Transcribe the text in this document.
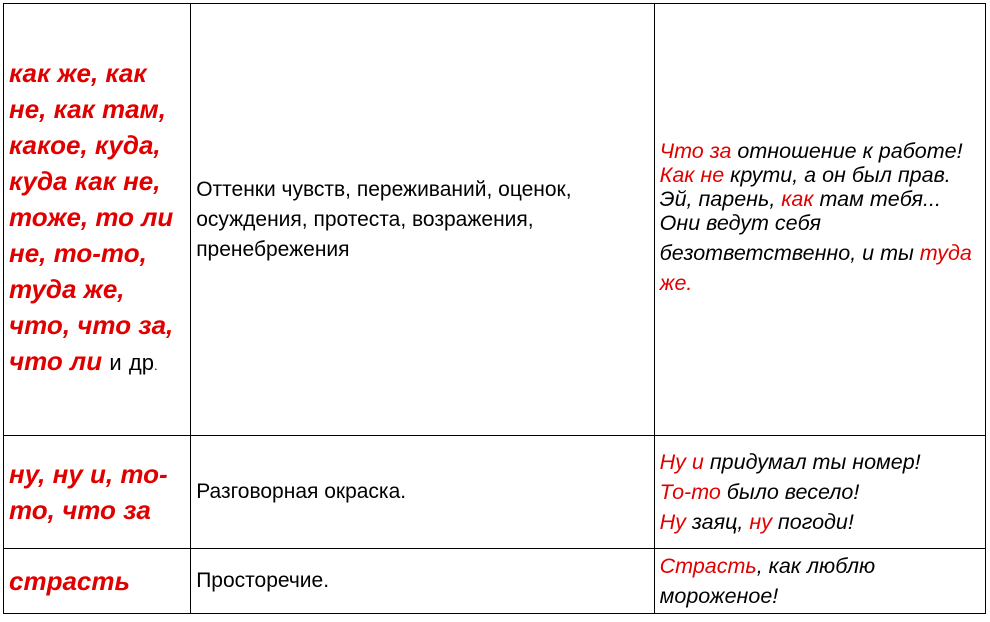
как же, как не, как там, какое, куда, куда как не, тоже, то ли не, то-то, туда же, что, что за, что ли и др.	Оттенки чувств, переживаний, оценок, осуждения, протеста, возражения, пренебрежения	Что за отношение к работе!
Как не крути, а он был прав.
Эй, парень, как там тебя...
Они ведут себя безответственно, и ты туда же.

ну, ну и, то-то, что за	Разговорная окраска.	Ну и придумал ты номер!
То-то было весело!
Ну заяц, ну погоди!

страсть	Просторечие.	Страсть, как люблю мороженое!
